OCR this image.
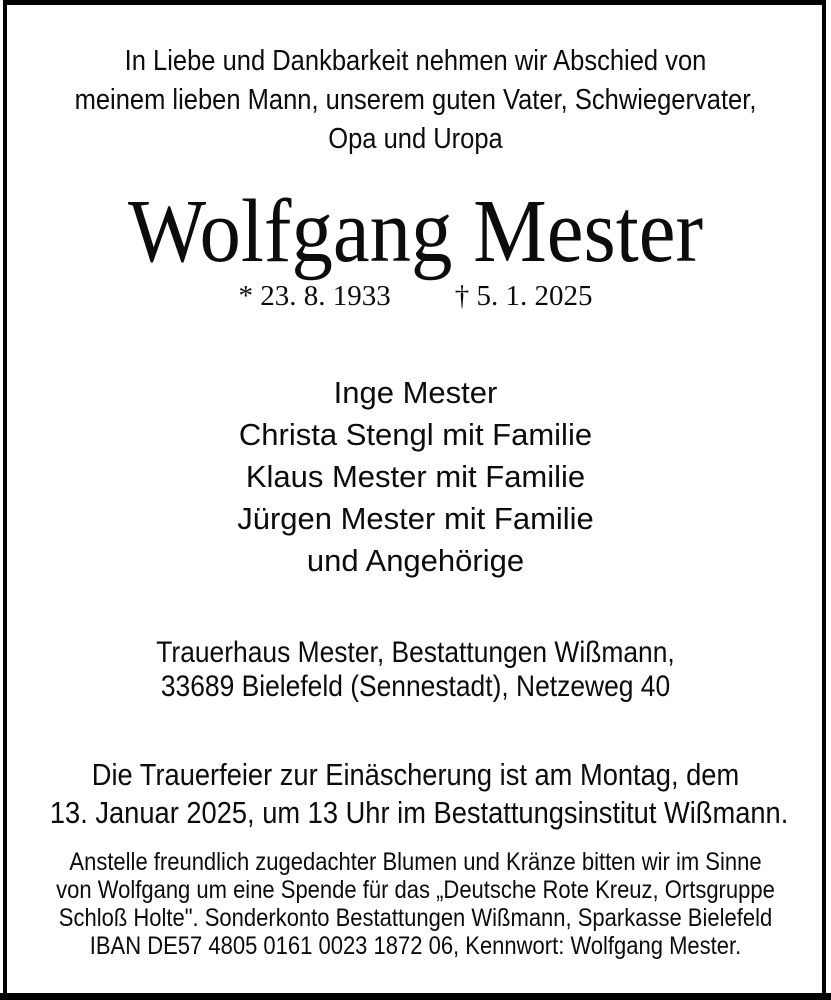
In Liebe und Dankbarkeit nehmen wir Abschied von
meinem lieben Mann, unserem guten Vater, Schwiegervater,
Opa und Uropa
Wolfgang Mester
* 23. 8. 1933 † 5. 1. 2025
Inge Mester
Christa Stengl mit Familie
Klaus Mester mit Familie
Jürgen Mester mit Familie
und Angehörige
Trauerhaus Mester, Bestattungen Wißmann,
33689 Bielefeld (Sennestadt), Netzeweg 40
Die Trauerfeier zur Einäscherung ist am Montag, dem
13. Januar 2025, um 13 Uhr im Bestattungsinstitut Wißmann.
Anstelle freundlich zugedachter Blumen und Kränze bitten wir im Sinne
von Wolfgang um eine Spende für das „Deutsche Rote Kreuz, Ortsgruppe
Schloß Holte". Sonderkonto Bestattungen Wißmann, Sparkasse Bielefeld
IBAN DE57 4805 0161 0023 1872 06, Kennwort: Wolfgang Mester.
